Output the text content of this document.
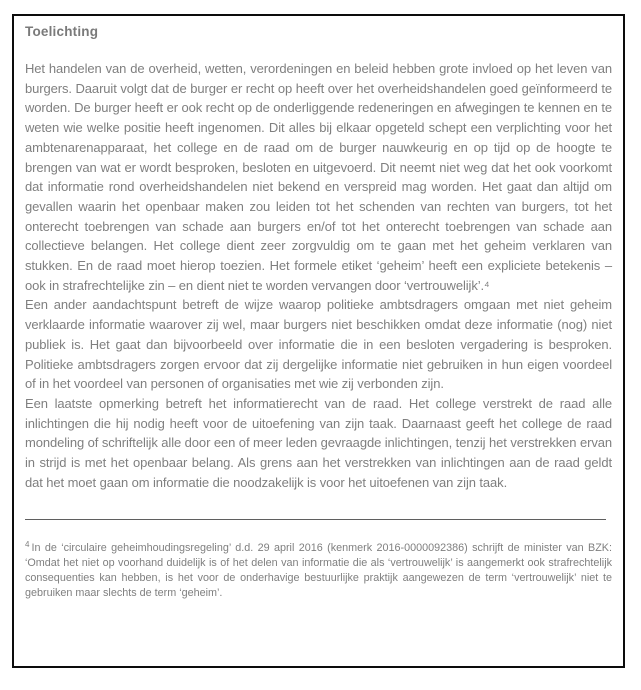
Toelichting

Het handelen van de overheid, wetten, verordeningen en beleid hebben grote invloed op het leven van burgers. Daaruit volgt dat de burger er recht op heeft over het overheidshandelen goed geïnformeerd te worden. De burger heeft er ook recht op de onderliggende redeneringen en afwegingen te kennen en te weten wie welke positie heeft ingenomen. Dit alles bij elkaar opgeteld schept een verplichting voor het ambtenarenapparaat, het college en de raad om de burger nauwkeurig en op tijd op de hoogte te brengen van wat er wordt besproken, besloten en uitgevoerd. Dit neemt niet weg dat het ook voorkomt dat informatie rond overheidshandelen niet bekend en verspreid mag worden. Het gaat dan altijd om gevallen waarin het openbaar maken zou leiden tot het schenden van rechten van burgers, tot het onterecht toebrengen van schade aan burgers en/of tot het onterecht toebrengen van schade aan collectieve belangen. Het college dient zeer zorgvuldig om te gaan met het geheim verklaren van stukken. En de raad moet hierop toezien. Het formele etiket ‘geheim’ heeft een expliciete betekenis – ook in strafrechtelijke zin – en dient niet te worden vervangen door ‘vertrouwelijk’.⁴

Een ander aandachtspunt betreft de wijze waarop politieke ambtsdragers omgaan met niet geheim verklaarde informatie waarover zij wel, maar burgers niet beschikken omdat deze informatie (nog) niet publiek is. Het gaat dan bijvoorbeeld over informatie die in een besloten vergadering is besproken. Politieke ambtsdragers zorgen ervoor dat zij dergelijke informatie niet gebruiken in hun eigen voordeel of in het voordeel van personen of organisaties met wie zij verbonden zijn.

Een laatste opmerking betreft het informatierecht van de raad. Het college verstrekt de raad alle inlichtingen die hij nodig heeft voor de uitoefening van zijn taak. Daarnaast geeft het college de raad mondeling of schriftelijk alle door een of meer leden gevraagde inlichtingen, tenzij het verstrekken ervan in strijd is met het openbaar belang. Als grens aan het verstrekken van inlichtingen aan de raad geldt dat het moet gaan om informatie die noodzakelijk is voor het uitoefenen van zijn taak.

$^4$ In de ‘circulaire geheimhoudingsregeling’ d.d. 29 april 2016 (kenmerk 2016-0000092386) schrijft de minister van BZK: ‘Omdat het niet op voorhand duidelijk is of het delen van informatie die als ‘vertrouwelijk’ is aangemerkt ook strafrechtelijk consequenties kan hebben, is het voor de onderhavige bestuurlijke praktijk aangewezen de term ‘vertrouwelijk’ niet te gebruiken maar slechts de term ‘geheim’.
